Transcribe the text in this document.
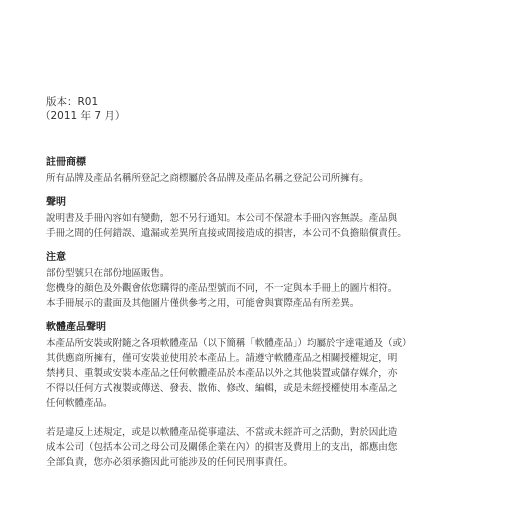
版本：R01
（2011 年 7 月）
註冊商標
所有品牌及產品名稱所登記之商標屬於各品牌及產品名稱之登記公司所擁有。
聲明
說明書及手冊內容如有變動，恕不另行通知。本公司不保證本手冊內容無誤。產品與
手冊之間的任何錯誤、遺漏或差異所直接或間接造成的損害，本公司不負擔賠償責任。
注意
部份型號只在部份地區販售。
您機身的顏色及外觀會依您購得的產品型號而不同，不一定與本手冊上的圖片相符。
本手冊展示的畫面及其他圖片僅供參考之用，可能會與實際產品有所差異。
軟體產品聲明
本產品所安裝或附隨之各項軟體產品（以下簡稱「軟體產品」）均屬於宇達電通及（或）
其供應商所擁有，僅可安裝並使用於本產品上。請遵守軟體產品之相關授權規定，明
禁拷貝、重製或安裝本產品之任何軟體產品於本產品以外之其他裝置或儲存媒介，亦
不得以任何方式複製或傳送、發表、散佈、修改、編輯，或是未經授權使用本產品之
任何軟體產品。
若是違反上述規定，或是以軟體產品從事違法、不當或未經許可之活動，對於因此造
成本公司（包括本公司之母公司及關係企業在內）的損害及費用上的支出，都應由您
全部負責，您亦必須承擔因此可能涉及的任何民刑事責任。
